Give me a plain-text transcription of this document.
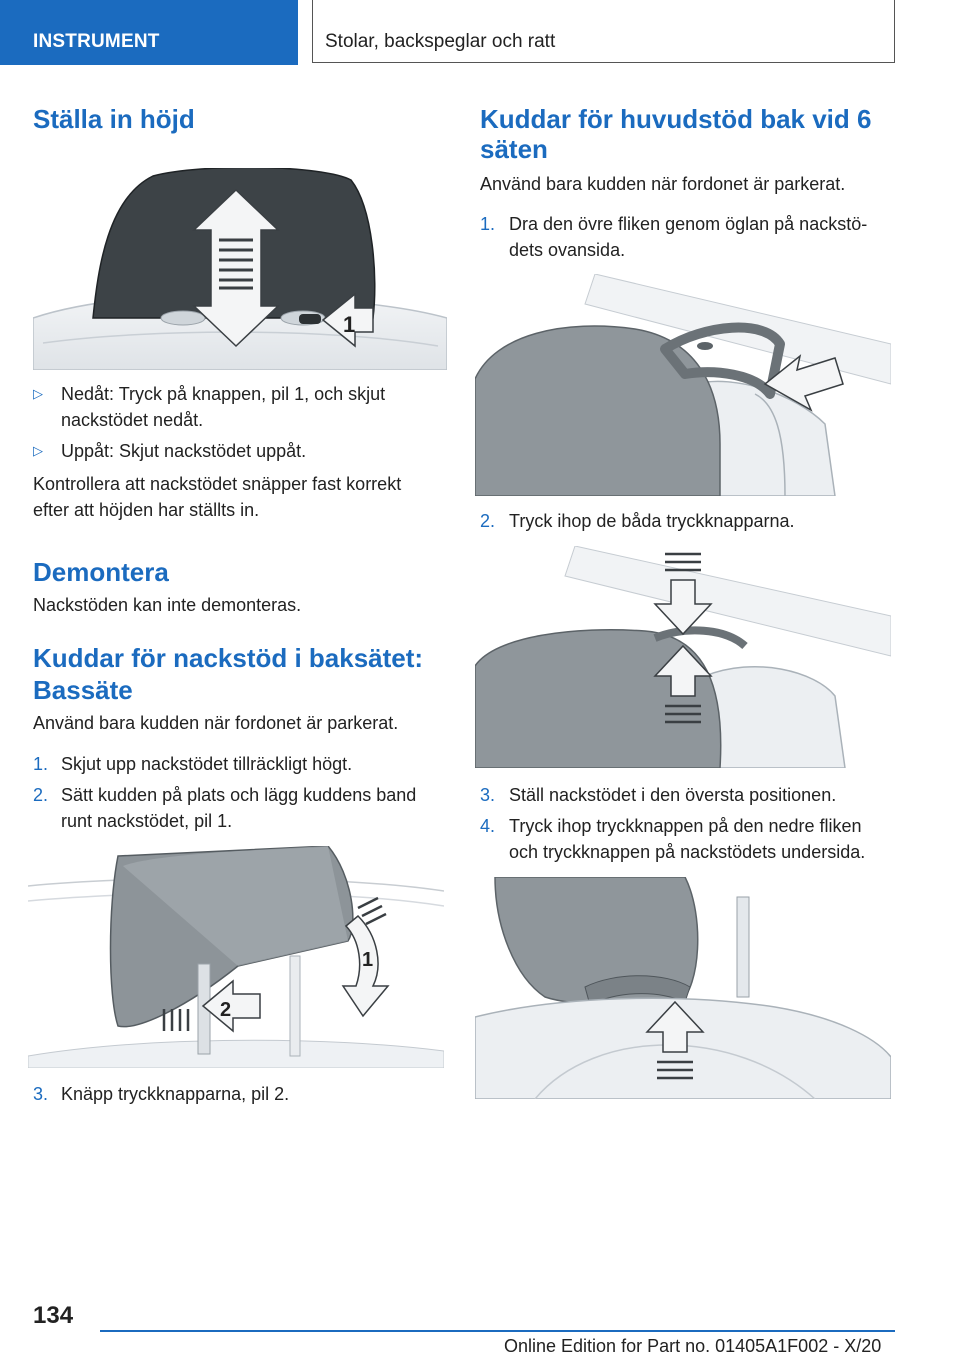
INSTRUMENT	Stolar, backspeglar och ratt
Ställa in höjd
1
▷ Nedåt: Tryck på knappen, pil 1, och skjut

nackstödet nedåt.

▷ Uppåt: Skjut nackstödet uppåt.

Kontrollera att nackstödet snäpper fast korrekt

efter att höjden har ställts in.

Demontera

Nackstöden kan inte demonteras.

Kuddar för nackstöd i baksätet:
Bassäte

Använd bara kudden när fordonet är parkerat.

1. Skjut upp nackstödet tillräckligt högt.

2. Sätt kudden på plats och lägg kuddens band

runt nackstödet, pil 1.

2
1
3. Knäpp tryckknapparna, pil 2.

Kuddar för huvudstöd bak vid 6
säten

Använd bara kudden när fordonet är parkerat.

1. Dra den övre fliken genom öglan på nackstö-

dets ovansida.

2. Tryck ihop de båda tryckknapparna.

3. Ställ nackstödet i den översta positionen.

4. Tryck ihop tryckknappen på den nedre fliken

och tryckknappen på nackstödets undersida.

134
Online Edition for Part no. 01405A1F002 - X/20
